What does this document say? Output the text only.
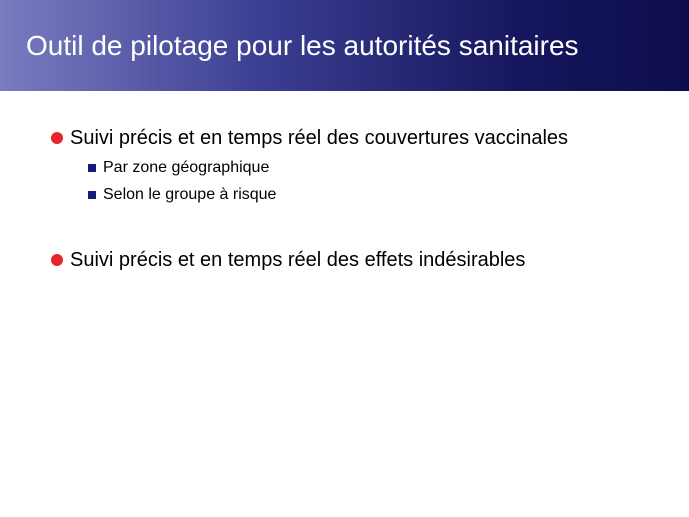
Outil de pilotage pour les autorités sanitaires
Suivi précis et en temps réel des couvertures vaccinales
Par zone géographique
Selon le groupe à risque
Suivi précis et en temps réel des effets indésirables
